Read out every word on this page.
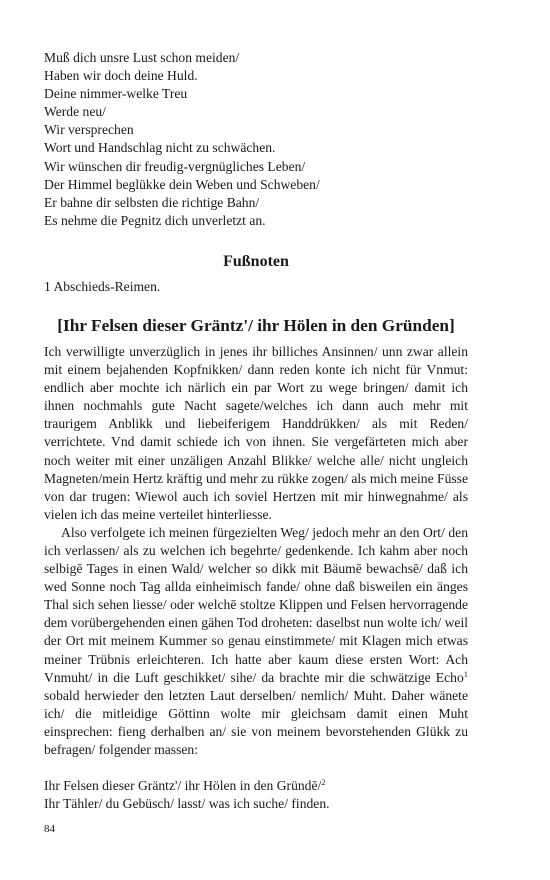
Muß dich unsre Lust schon meiden/
Haben wir doch deine Huld.
Deine nimmer-welke Treu
Werde neu/
Wir versprechen
Wort und Handschlag nicht zu schwächen.
Wir wünschen dir freudig-vergnügliches Leben/
Der Himmel beglükke dein Weben und Schweben/
Er bahne dir selbsten die richtige Bahn/
Es nehme die Pegnitz dich unverletzt an.
Fußnoten
1 Abschieds-Reimen.
[Ihr Felsen dieser Gräntz'/ ihr Hölen in den Gründen]

Ich verwilligte unverzüglich in jenes ihr billiches Ansinnen/ unn zwar allein mit einem bejahenden Kopfnikken/ dann reden konte ich nicht für Vnmut: endlich aber mochte ich närlich ein par Wort zu wege bringen/ damit ich ihnen nochmahls gute Nacht sagete/welches ich dann auch mehr mit traurigem Anblikk und liebeiferigem Handdrükken/ als mit Reden/ verrichtete. Vnd damit schiede ich von ihnen. Sie vergefärteten mich aber noch weiter mit einer unzäligen Anzahl Blikke/ welche alle/ nicht ungleich Magneten/mein Hertz kräftig und mehr zu rükke zogen/ als mich meine Füsse von dar trugen: Wiewol auch ich soviel Hertzen mit mir hinwegnahme/ als vielen ich das meine verteilet hinterliesse.

Also verfolgete ich meinen fürgezielten Weg/ jedoch mehr an den Ort/ den ich verlassen/ als zu welchen ich begehrte/ gedenkende. Ich kahm aber noch selbigē Tages in einen Wald/ welcher so dikk mit Bäumē bewachsē/ daß ich wed Sonne noch Tag allda einheimisch fande/ ohne daß bisweilen ein änges Thal sich sehen liesse/ oder welchē stoltze Klippen und Felsen hervorragende dem vorübergehenden einen gähen Tod droheten: daselbst nun wolte ich/ weil der Ort mit meinem Kummer so genau einstimmete/ mit Klagen mich etwas meiner Trübnis erleichteren. Ich hatte aber kaum diese ersten Wort: Ach Vnmuht/ in die Luft geschikket/ sihe/ da brachte mir die schwätzige Echo$^1$ sobald herwieder den letzten Laut derselben/ nemlich/ Muht. Daher wänete ich/ die mitleidige Göttinn wolte mir gleichsam damit einen Muht einsprechen: fieng derhalben an/ sie von meinem bevorstehenden Glükk zu befragen/ folgender massen:

Ihr Felsen dieser Gräntz'/ ihr Hölen in den Gründē/$^2$
Ihr Tähler/ du Gebüsch/ lasst/ was ich suche/ finden.
84
